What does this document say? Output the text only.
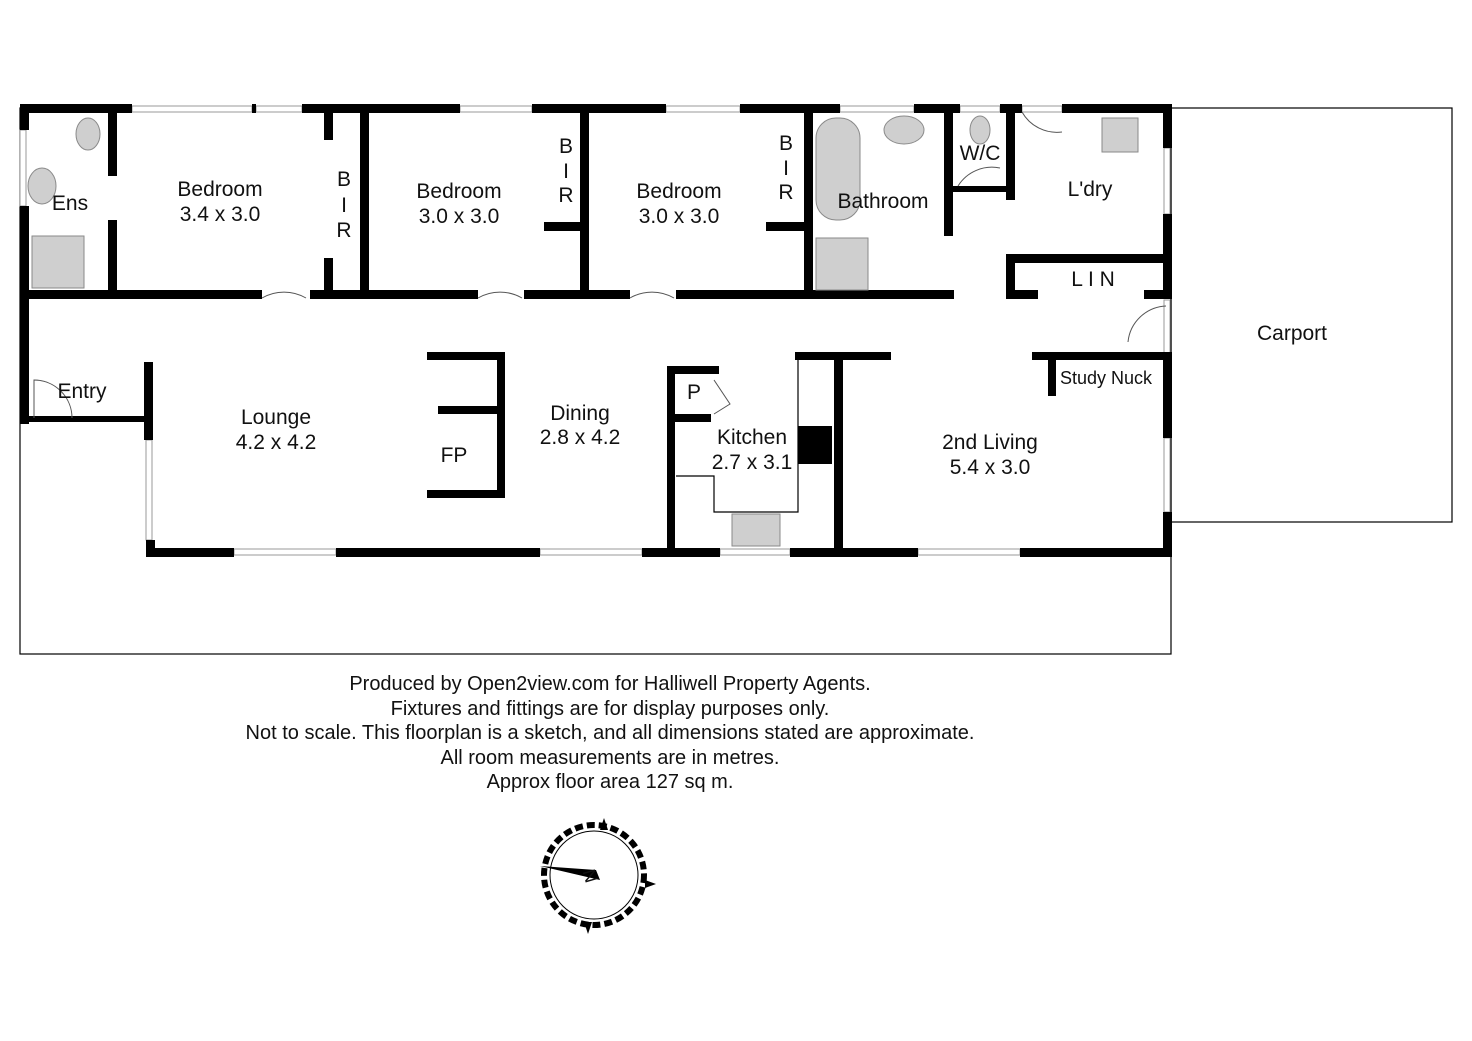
Ens
Bedroom
3.4 x 3.0
B
I
R
Bedroom
3.0 x 3.0
B
I
R	Bedroom
3.0 x 3.0
B
I
R Bathroom
W/C
L'dry
L I N
Carport
Entry
Lounge
4.2 x 4.2
FP
Dining
2.8 x 4.2
P
Kitchen
2.7 x 3.1
2nd Living
5.4 x 3.0
Study Nuck
N
Produced by Open2view.com for Halliwell Property Agents.
Fixtures and fittings are for display purposes only.
Not to scale. This floorplan is a sketch, and all dimensions stated are approximate.
All room measurements are in metres.
Approx floor area 127 sq m.
